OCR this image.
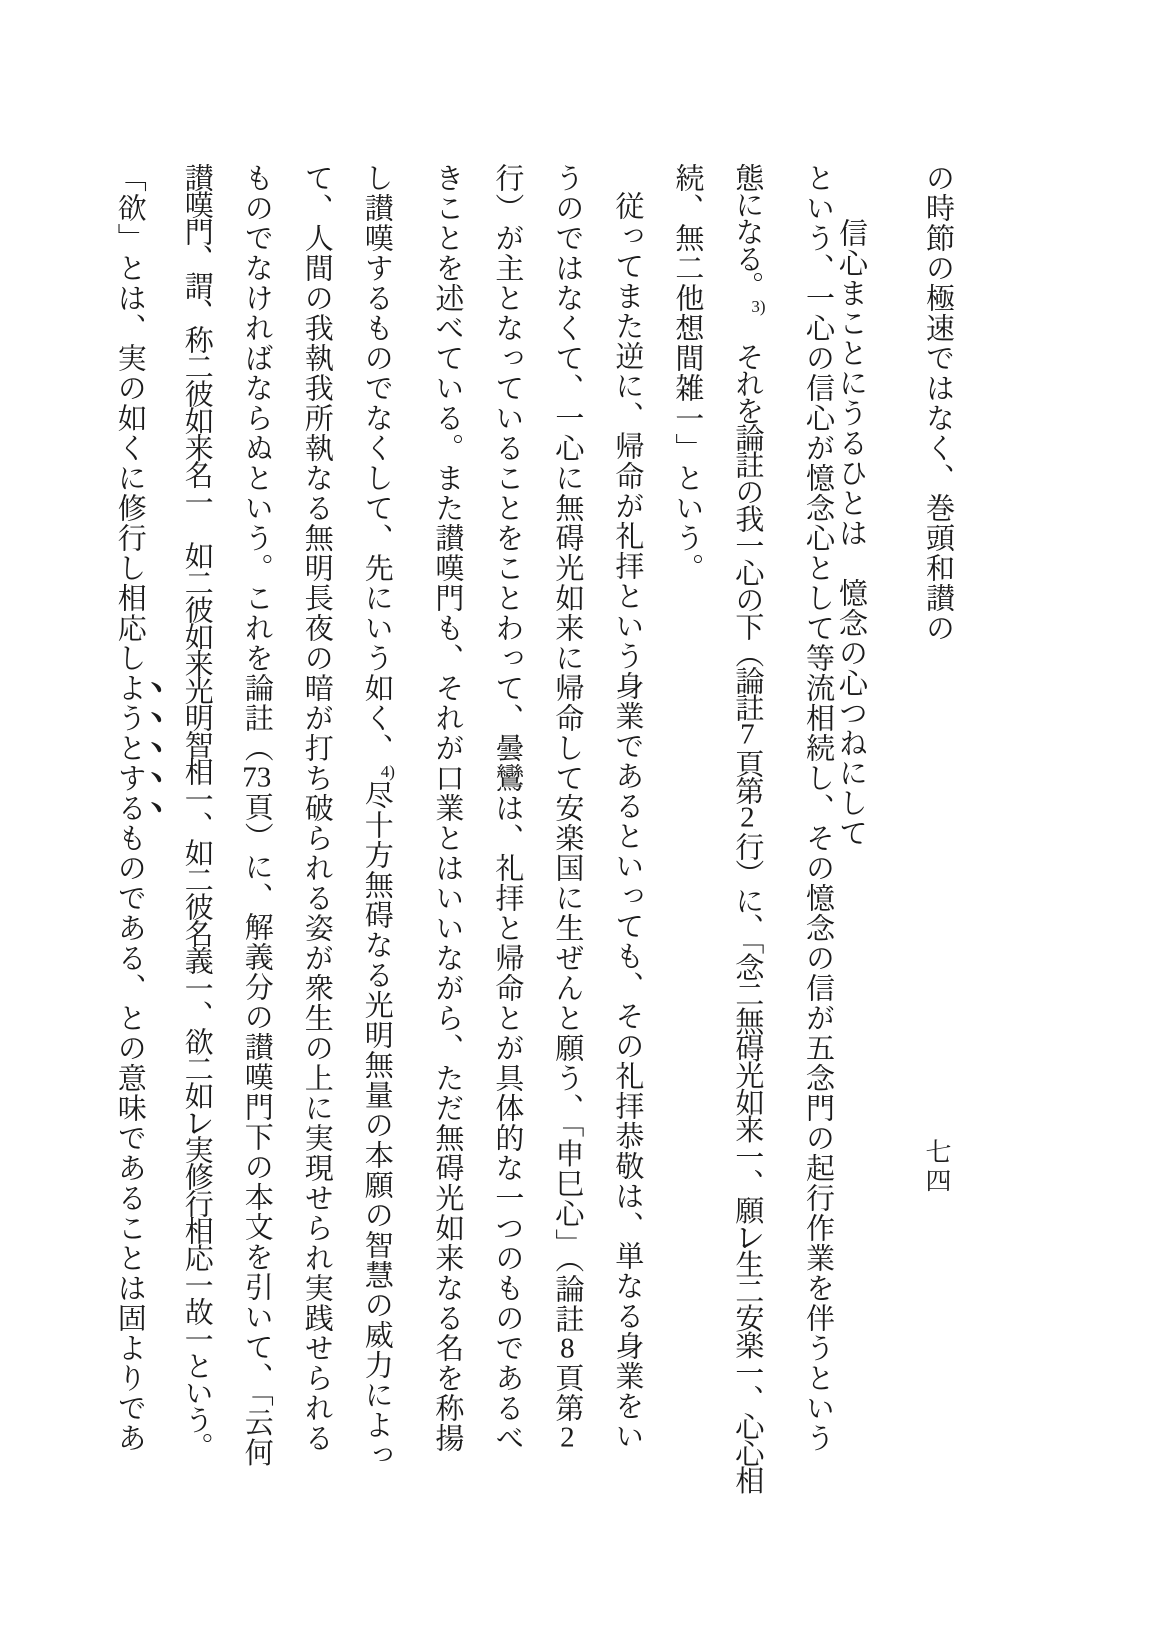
の時節の極速ではなく、巻頭和讃の

信心まことにうるひとは　憶念の心つねにして

という、一心の信心が憶念心として等流相続し、その憶念の信が五念門の起行作業を伴うという

態になる。$^{3)}$　それを論註の我一心の下（論註7頁第2行）に、「念㆓無碍光如来㆒、願㆑生㆓安楽㆒、心心相

続、無㆓他想間雑㆒」という。

従ってまた逆に、帰命が礼拝という身業であるといっても、その礼拝恭敬は、単なる身業をい

うのではなくて、一心に無碍光如来に帰命して安楽国に生ぜんと願う、「申巳心」（論註8頁第2

行）が主となっていることをことわって、曇鸞は、礼拝と帰命とが具体的な一つのものであるべ

きことを述べている。また讃嘆門も、それが口業とはいいながら、ただ無碍光如来なる名を称揚

し讃嘆するものでなくして、先にいう如く、$^{4)}$尽十方無碍なる光明無量の本願の智慧の威力によっ

て、人間の我執我所執なる無明長夜の暗が打ち破られる姿が衆生の上に実現せられ実践せられる

ものでなければならぬという。これを論註（73頁）に、解義分の讃嘆門下の本文を引いて、「云何

讃嘆門、謂、称㆓彼如来名㆒　如㆓彼如来光明智相㆒、如㆓彼名義㆒、欲㆓如㆑実修行相応㆒故㆒という。

「欲」とは、実の如くに修行し相応しようとするものである、との意味であることは固よりであ	七四
